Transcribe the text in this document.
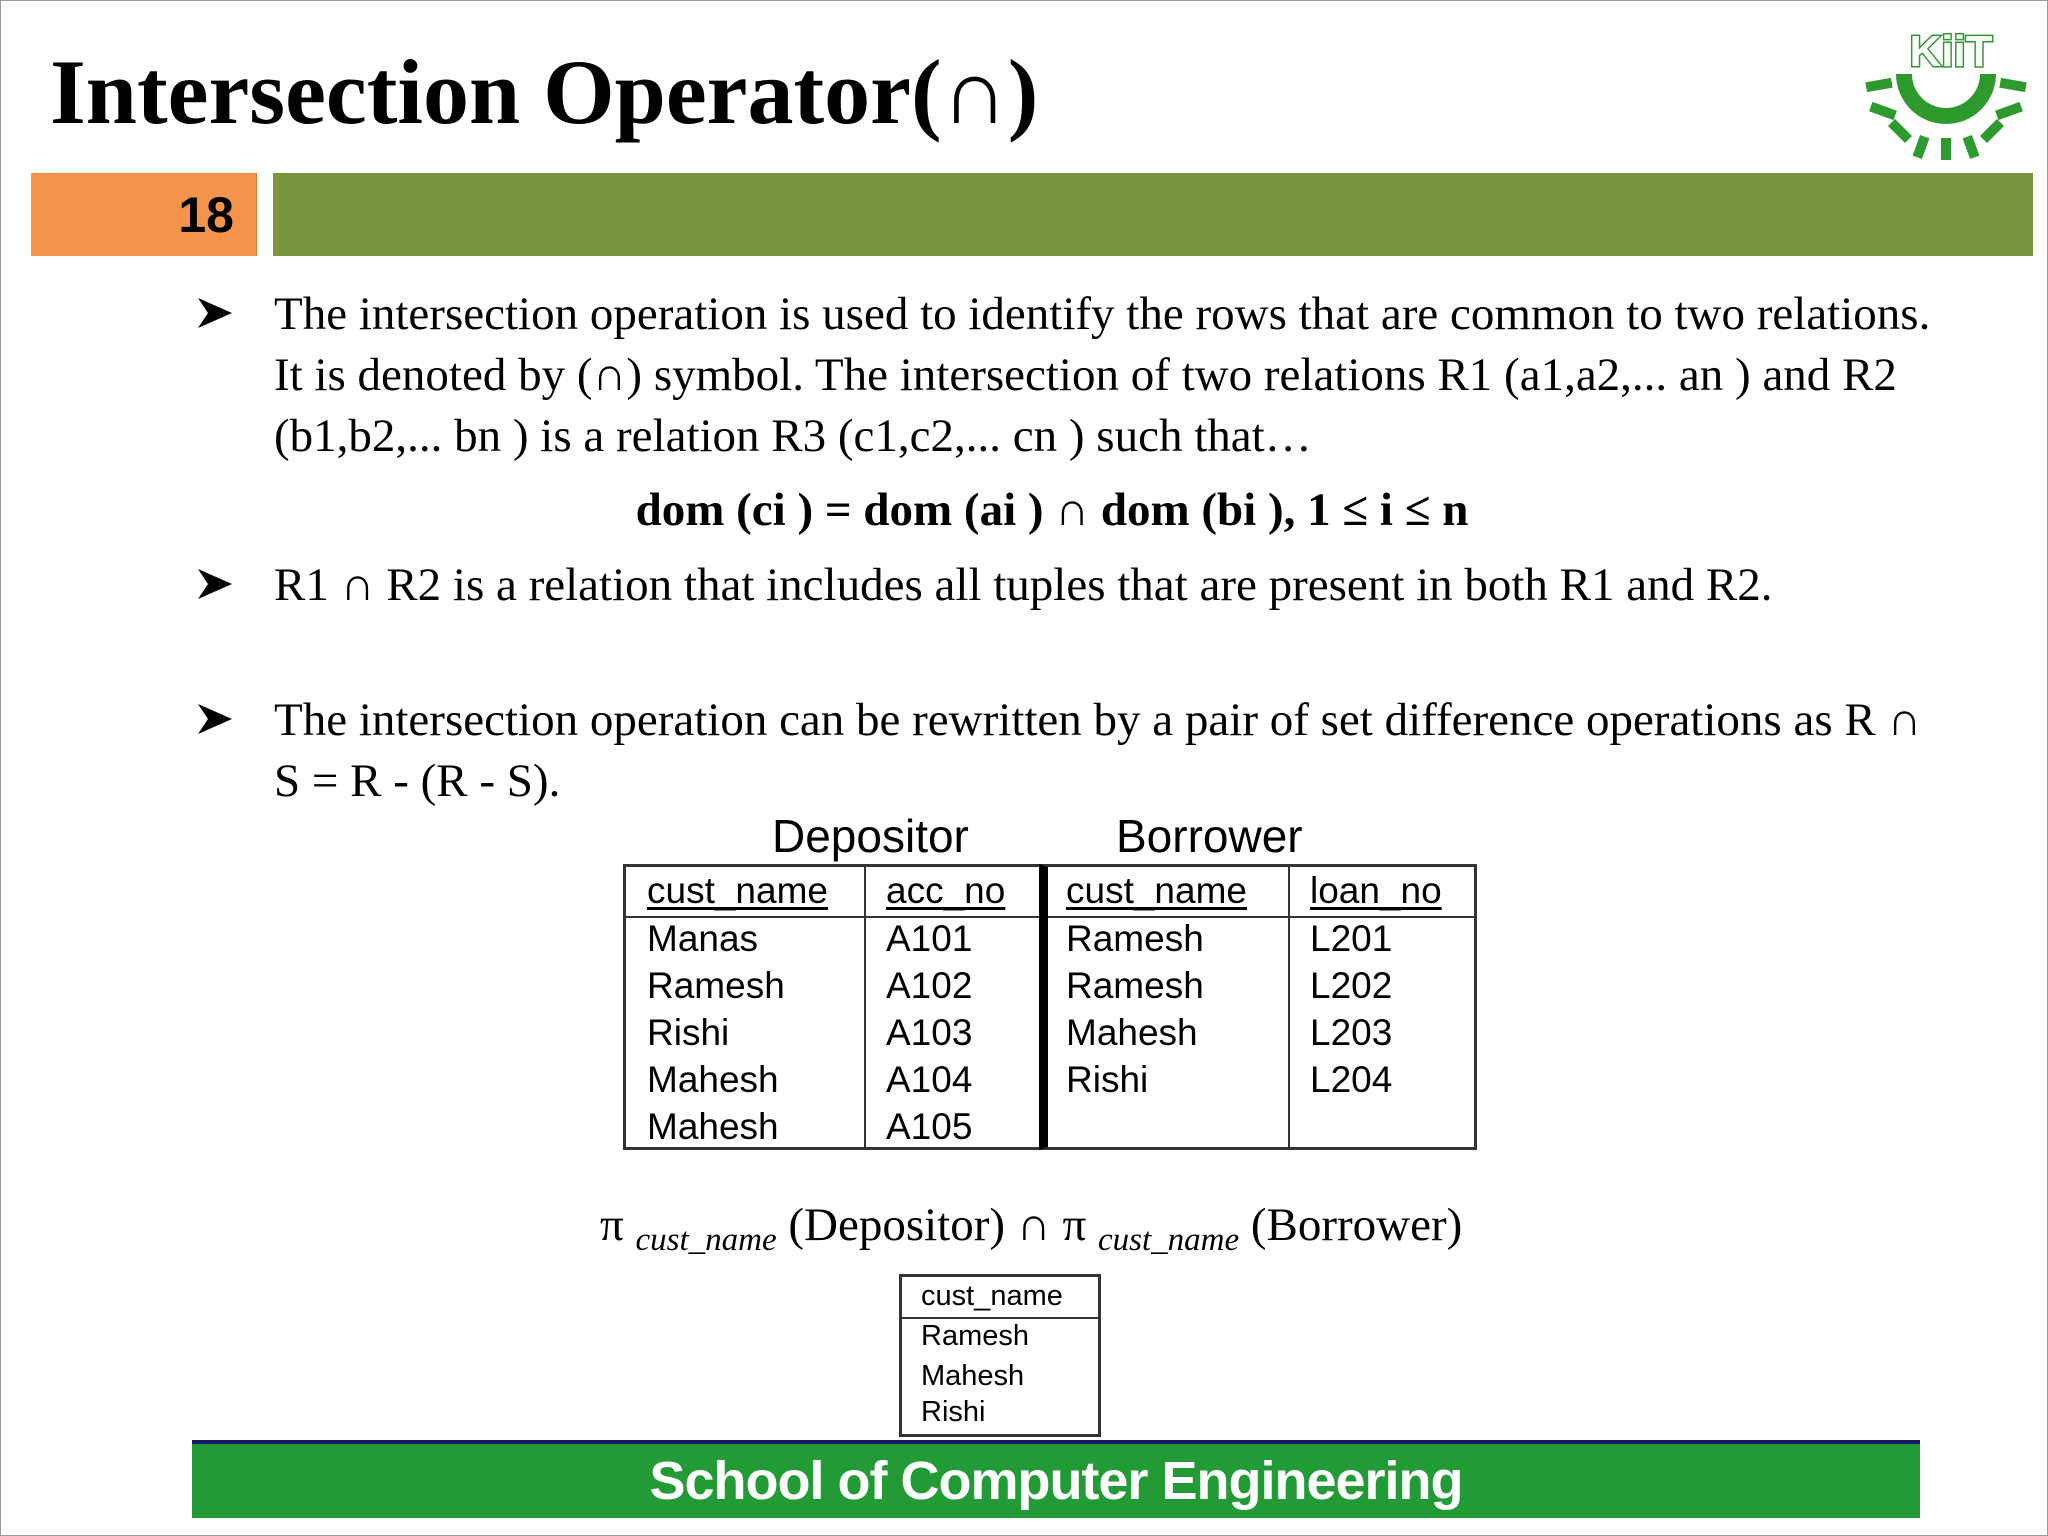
Intersection Operator(∩)	KiiT
18
The intersection operation is used to identify the rows that are common to two relations. It is denoted by (∩) symbol. The intersection of two relations R1 (a1,a2,... an ) and R2 (b1,b2,... bn ) is a relation R3 (c1,c2,... cn ) such that…
dom (ci ) = dom (ai ) ∩ dom (bi ), 1 ≤ i ≤ n
R1 ∩ R2 is a relation that includes all tuples that are present in both R1 and R2.
The intersection operation can be rewritten by a pair of set difference operations as R ∩ S = R - (R - S).
Depositor	Borrower
cust_name acc_no
Manas	A101
Ramesh	A102
Rishi	A103
Mahesh	A104
Mahesh	A105
cust_name loan_no
Ramesh	L201
Ramesh	L202
Mahesh	L203
Rishi	L204
π $_{cust\_name}$ (Depositor) ∩ π $_{cust\_name}$ (Borrower)
cust_name
Ramesh
Mahesh
Rishi
School of Computer Engineering
